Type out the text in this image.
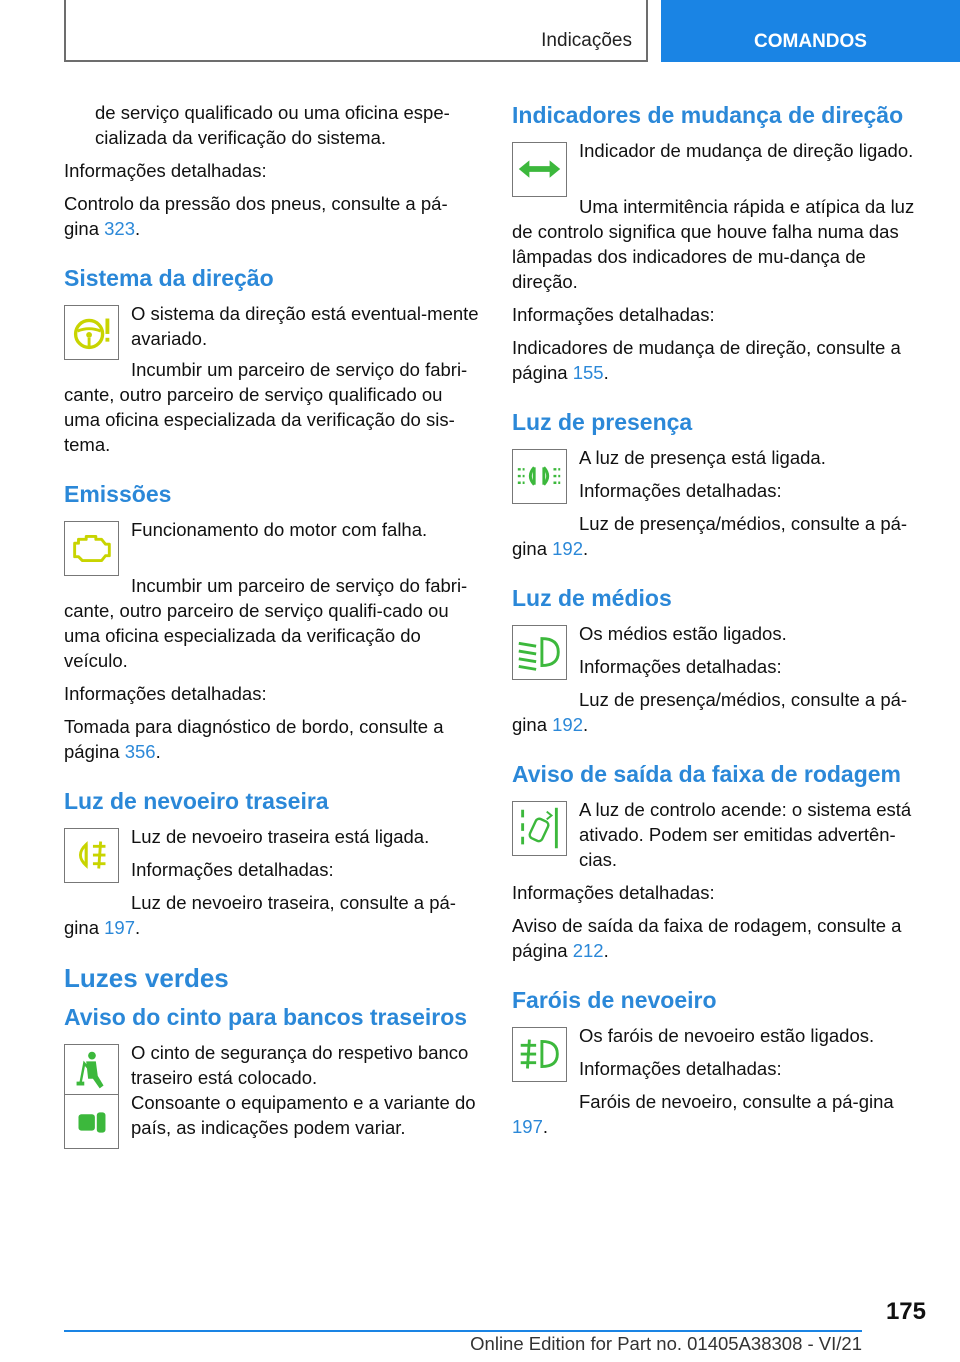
Indicações	COMANDOS

de serviço qualificado ou uma oficina espe-cializada da verificação do sistema.

Informações detalhadas:

Controlo da pressão dos pneus, consulte a pá-gina 323.

Sistema da direção

O sistema da direção está eventual-mente avariado.

Incumbir um parceiro de serviço do fabri-cante, outro parceiro de serviço qualificado ou uma oficina especializada da verificação do sis-tema.

Emissões

Funcionamento do motor com falha.

Incumbir um parceiro de serviço do fabri-cante, outro parceiro de serviço qualifi-cado ou uma oficina especializada da verificação do veículo.

Informações detalhadas:

Tomada para diagnóstico de bordo, consulte a página 356.

Luz de nevoeiro traseira

Luz de nevoeiro traseira está ligada.

Informações detalhadas:

Luz de nevoeiro traseira, consulte a pá-gina 197.

Luzes verdes
Aviso do cinto para bancos traseiros

O cinto de segurança do respetivo banco traseiro está colocado.

Consoante o equipamento e a variante do país, as indicações podem variar.

Indicadores de mudança de direção

Indicador de mudança de direção ligado.

Uma intermitência rápida e atípica da luz de controlo significa que houve falha numa das lâmpadas dos indicadores de mu-dança de direção.

Informações detalhadas:

Indicadores de mudança de direção, consulte a página 155.

Luz de presença

A luz de presença está ligada.

Informações detalhadas:

Luz de presença/médios, consulte a pá-gina 192.

Luz de médios

Os médios estão ligados.

Informações detalhadas:

Luz de presença/médios, consulte a pá-gina 192.

Aviso de saída da faixa de rodagem

A luz de controlo acende: o sistema está ativado. Podem ser emitidas advertên-cias.

Informações detalhadas:

Aviso de saída da faixa de rodagem, consulte a página 212.

Faróis de nevoeiro

Os faróis de nevoeiro estão ligados.

Informações detalhadas:

Faróis de nevoeiro, consulte a pá-gina 197.

175
Online Edition for Part no. 01405A38308 - VI/21
